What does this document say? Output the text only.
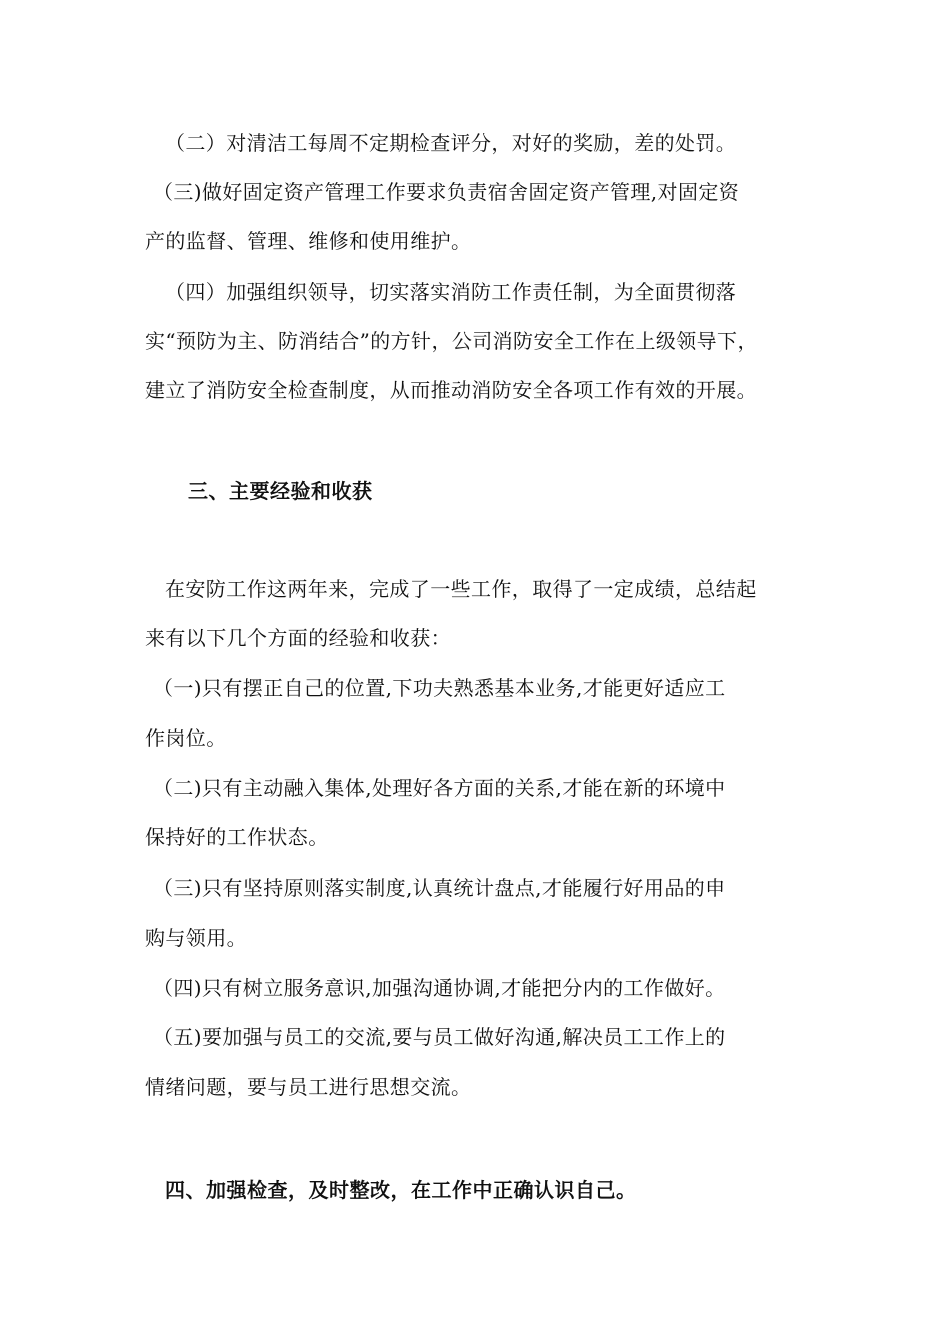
（二）对清洁工每周不定期检查评分，对好的奖励，差的处罚。
（三)做好固定资产管理工作要求负责宿舍固定资产管理,对固定资
产的监督、管理、维修和使用维护。
（四）加强组织领导，切实落实消防工作责任制，为全面贯彻落
实“预防为主、防消结合”的方针，公司消防安全工作在上级领导下，
建立了消防安全检查制度，从而推动消防安全各项工作有效的开展。
三、主要经验和收获
在安防工作这两年来，完成了一些工作，取得了一定成绩，总结起
来有以下几个方面的经验和收获：
（一)只有摆正自己的位置,下功夫熟悉基本业务,才能更好适应工
作岗位。
（二)只有主动融入集体,处理好各方面的关系,才能在新的环境中
保持好的工作状态。
（三)只有坚持原则落实制度,认真统计盘点,才能履行好用品的申
购与领用。
（四)只有树立服务意识,加强沟通协调,才能把分内的工作做好。
（五)要加强与员工的交流,要与员工做好沟通,解决员工工作上的
情绪问题，要与员工进行思想交流。
四、加强检查，及时整改，在工作中正确认识自己。
